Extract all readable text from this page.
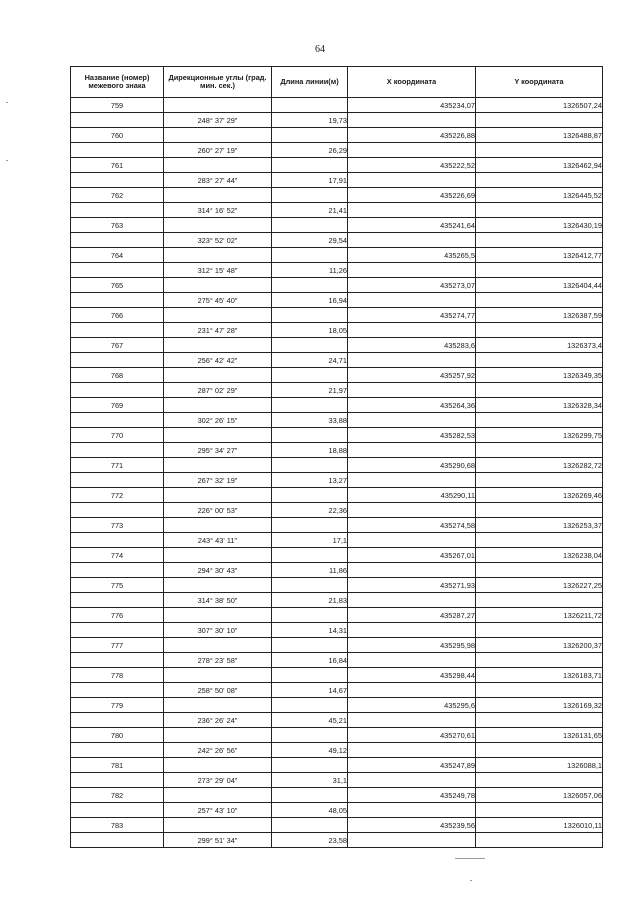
64
Название (номер) межевого знака	Дирекционные углы (град. мин. сек.)	Длина линии(м)	X координата	Y координата
759			435234,07	1326507,24
	248° 37' 29"	19,73		
760			435226,88	1326488,87
	260° 27' 19"	26,29		
761			435222,52	1326462,94
	283° 27' 44"	17,91		
762			435226,69	1326445,52
	314° 16' 52"	21,41		
763			435241,64	1326430,19
	323° 52' 02"	29,54		
764			435265,5	1326412,77
	312° 15' 48"	11,26		
765			435273,07	1326404,44
	275° 45' 40"	16,94		
766			435274,77	1326387,59
	231° 47' 28"	18,05		
767			435283,6	1326373,4
	256° 42' 42"	24,71		
768			435257,92	1326349,35
	287° 02' 29"	21,97		
769			435264,36	1326328,34
	302° 26' 15"	33,88		
770			435282,53	1326299,75
	295° 34' 27"	18,88		
771			435290,68	1326282,72
	267° 32' 19"	13,27		
772			435290,11	1326269,46
	226° 00' 53"	22,36		
773			435274,58	1326253,37
	243° 43' 11"	17,1		
774			435267,01	1326238,04
	294° 30' 43"	11,86		
775			435271,93	1326227,25
	314° 38' 50"	21,83		
776			435287,27	1326211,72
	307° 30' 10"	14,31		
777			435295,98	1326200,37
	278° 23' 58"	16,84		
778			435298,44	1326183,71
	258° 50' 08"	14,67		
779			435295,6	1326169,32
	236° 26' 24"	45,21		
780			435270,61	1326131,65
	242° 26' 56"	49,12		
781			435247,89	1326088,1
	273° 29' 04"	31,1		
782			435249,78	1326057,06
	257° 43' 10"	48,05		
783			435239,56	1326010,11
	299° 51' 34"	23,58		
